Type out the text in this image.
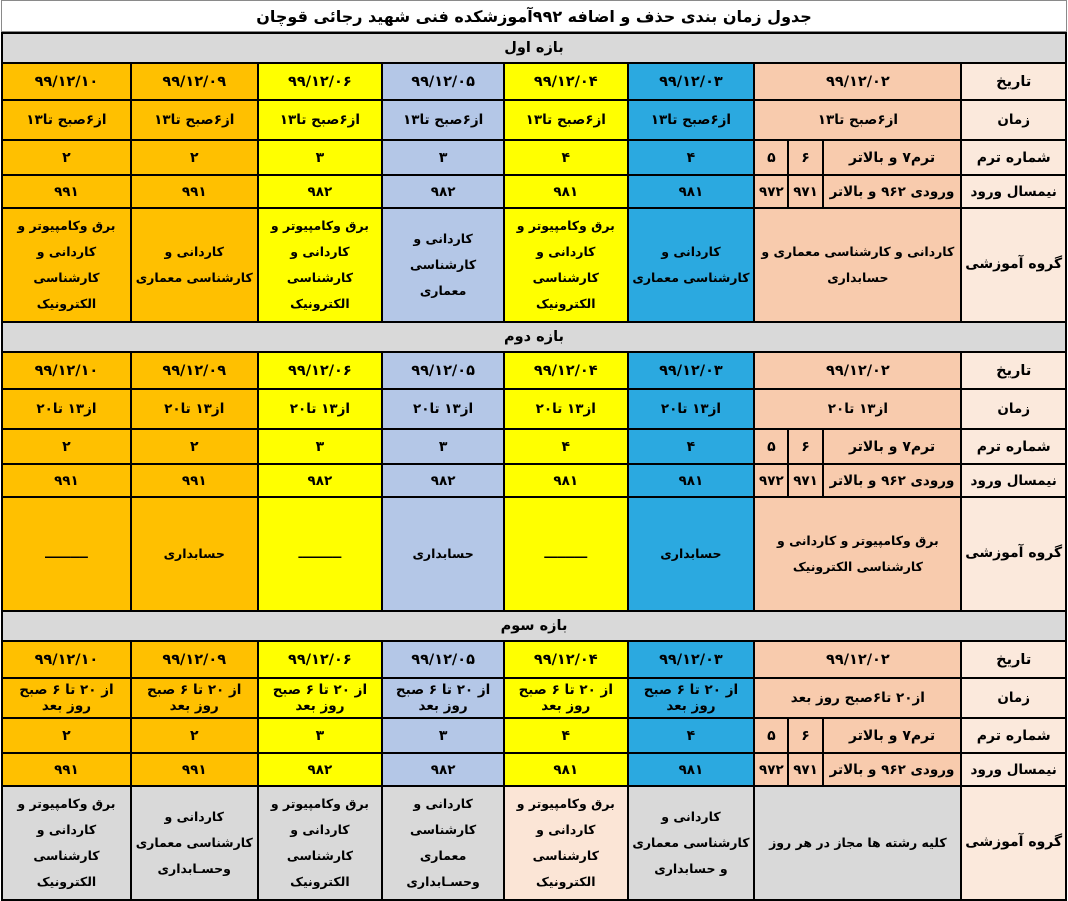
جدول زمان بندی حذف و اضافه ۹۹۲آموزشکده فنی شهید رجائی قوچان
بازه اول									
تاریخ	۹۹/۱۲/۰۲			۹۹/۱۲/۰۳	۹۹/۱۲/۰۴	۹۹/۱۲/۰۵	۹۹/۱۲/۰۶	۹۹/۱۲/۰۹	۹۹/۱۲/۱۰
زمان	از۶صبح تا۱۳			از۶صبح تا۱۳	از۶صبح تا۱۳	از۶صبح تا۱۳	از۶صبح تا۱۳	از۶صبح تا۱۳	از۶صبح تا۱۳
شماره ترم	ترم۷ و بالاتر	۶	۵	۴	۴	۳	۳	۲	۲
نیمسال ورود	ورودی ۹۶۲ و بالاتر	۹۷۱	۹۷۲	۹۸۱	۹۸۱	۹۸۲	۹۸۲	۹۹۱	۹۹۱
گروه آموزشی	کاردانی و کارشناسی معماری و حسابداری			کاردانی و کارشناسی معماری	برق وکامپیوتر و کاردانی و کارشناسی الکترونیک	کاردانی و کارشناسی معماری	برق وکامپیوتر و کاردانی و کارشناسی الکترونیک	کاردانی و کارشناسی معماری	برق وکامپیوتر و کاردانی و کارشناسی الکترونیک
بازه دوم									
تاریخ	۹۹/۱۲/۰۲			۹۹/۱۲/۰۳	۹۹/۱۲/۰۴	۹۹/۱۲/۰۵	۹۹/۱۲/۰۶	۹۹/۱۲/۰۹	۹۹/۱۲/۱۰
زمان	از۱۳ تا۲۰			از۱۳ تا۲۰	از۱۳ تا۲۰	از۱۳ تا۲۰	از۱۳ تا۲۰	از۱۳ تا۲۰	از۱۳ تا۲۰
شماره ترم	ترم۷ و بالاتر	۶	۵	۴	۴	۳	۳	۲	۲
نیمسال ورود	ورودی ۹۶۲ و بالاتر	۹۷۱	۹۷۲	۹۸۱	۹۸۱	۹۸۲	۹۸۲	۹۹۱	۹۹۱
گروه آموزشی	برق وکامپیوتر و کاردانی و کارشناسی الکترونیک			حسابداری	ــــــــــ	حسابداری	ــــــــــ	حسابداری	ــــــــــ
بازه سوم									
تاریخ	۹۹/۱۲/۰۲			۹۹/۱۲/۰۳	۹۹/۱۲/۰۴	۹۹/۱۲/۰۵	۹۹/۱۲/۰۶	۹۹/۱۲/۰۹	۹۹/۱۲/۱۰
زمان	از۲۰ تا۶صبح روز بعد			از ۲۰ تا ۶ صبح روز بعد	از ۲۰ تا ۶ صبح روز بعد	از ۲۰ تا ۶ صبح روز بعد	از ۲۰ تا ۶ صبح روز بعد	از ۲۰ تا ۶ صبح روز بعد	از ۲۰ تا ۶ صبح روز بعد
شماره ترم	ترم۷ و بالاتر	۶	۵	۴	۴	۳	۳	۲	۲
نیمسال ورود	ورودی ۹۶۲ و بالاتر	۹۷۱	۹۷۲	۹۸۱	۹۸۱	۹۸۲	۹۸۲	۹۹۱	۹۹۱
گروه آموزشی	کلیه رشته ها مجاز در هر روز			کاردانی و کارشناسی معماری و حسابداری	برق وکامپیوتر و کاردانی و کارشناسی الکترونیک	کاردانی و کارشناسی معماری وحسـابداری	برق وکامپیوتر و کاردانی و کارشناسی الکترونیک	کاردانی و کارشناسی معماری وحسـابداری	برق وکامپیوتر و کاردانی و کارشناسی الکترونیک
